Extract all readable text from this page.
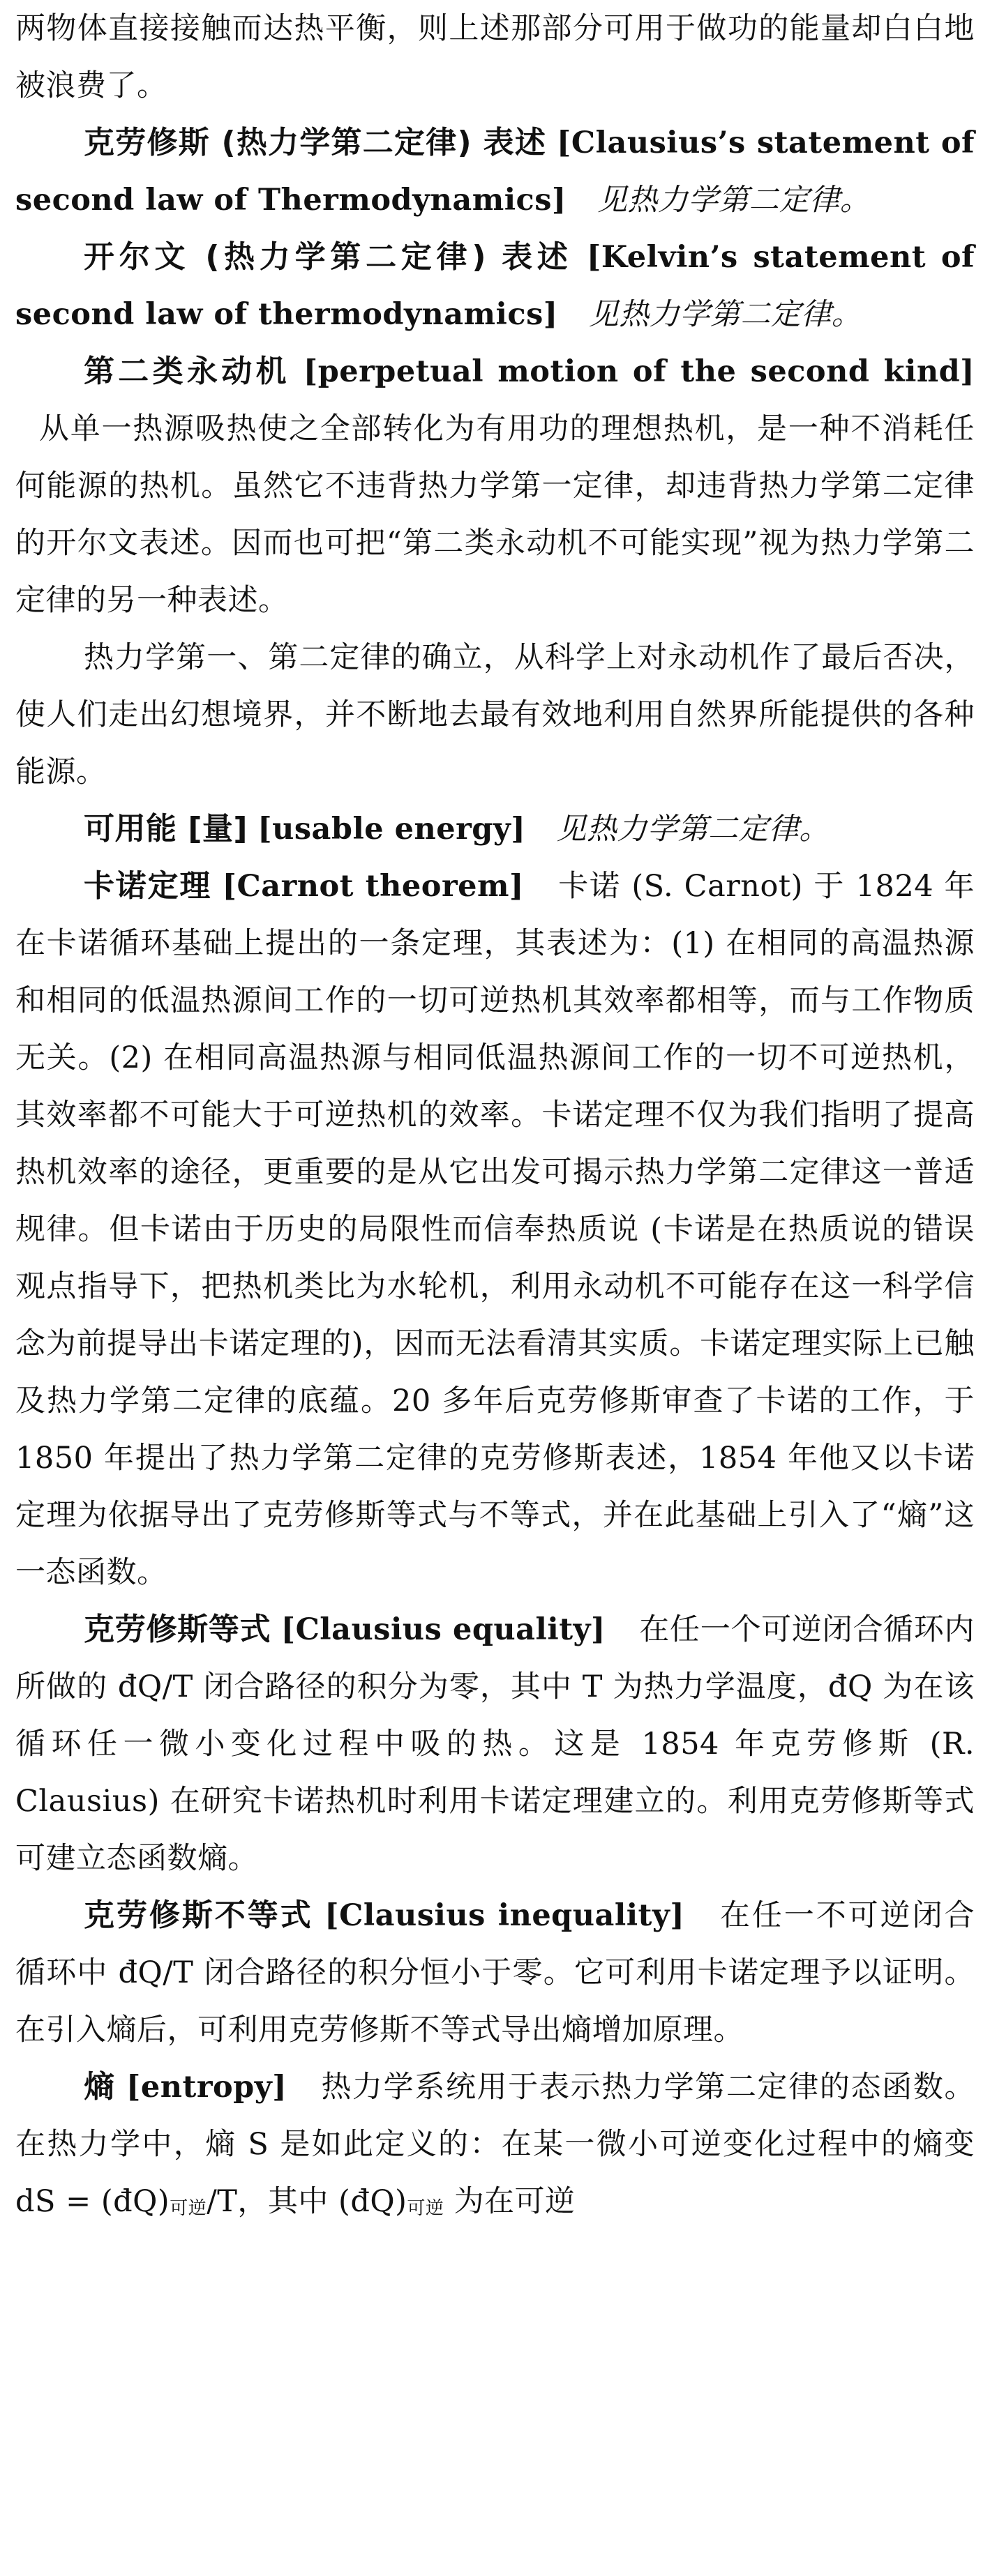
两物体直接接触而达热平衡，则上述那部分可用于做功的能量却白白地被浪费了。

克劳修斯 (热力学第二定律) 表述 [Clausius’s statement of second law of Thermodynamics] 见热力学第二定律。

开尔文 (热力学第二定律) 表述 [Kelvin’s statement of second law of thermodynamics] 见热力学第二定律。

第二类永动机 [perpetual motion of the second kind] 从单一热源吸热使之全部转化为有用功的理想热机，是一种不消耗任何能源的热机。虽然它不违背热力学第一定律，却违背热力学第二定律的开尔文表述。因而也可把“第二类永动机不可能实现”视为热力学第二定律的另一种表述。

热力学第一、第二定律的确立，从科学上对永动机作了最后否决，使人们走出幻想境界，并不断地去最有效地利用自然界所能提供的各种能源。

可用能 [量] [usable energy] 见热力学第二定律。

卡诺定理 [Carnot theorem] 卡诺 (S. Carnot) 于 1824 年在卡诺循环基础上提出的一条定理，其表述为：(1) 在相同的高温热源和相同的低温热源间工作的一切可逆热机其效率都相等，而与工作物质无关。(2) 在相同高温热源与相同低温热源间工作的一切不可逆热机，其效率都不可能大于可逆热机的效率。卡诺定理不仅为我们指明了提高热机效率的途径，更重要的是从它出发可揭示热力学第二定律这一普适规律。但卡诺由于历史的局限性而信奉热质说 (卡诺是在热质说的错误观点指导下，把热机类比为水轮机，利用永动机不可能存在这一科学信念为前提导出卡诺定理的)，因而无法看清其实质。卡诺定理实际上已触及热力学第二定律的底蕴。20 多年后克劳修斯审查了卡诺的工作，于 1850 年提出了热力学第二定律的克劳修斯表述，1854 年他又以卡诺定理为依据导出了克劳修斯等式与不等式，并在此基础上引入了“熵”这一态函数。

克劳修斯等式 [Clausius equality] 在任一个可逆闭合循环内所做的 đQ/T 闭合路径的积分为零，其中 T 为热力学温度，đQ 为在该循环任一微小变化过程中吸的热。这是 1854 年克劳修斯 (R. Clausius) 在研究卡诺热机时利用卡诺定理建立的。利用克劳修斯等式可建立态函数熵。

克劳修斯不等式 [Clausius inequality] 在任一不可逆闭合循环中 đQ/T 闭合路径的积分恒小于零。它可利用卡诺定理予以证明。在引入熵后，可利用克劳修斯不等式导出熵增加原理。

熵 [entropy] 热力学系统用于表示热力学第二定律的态函数。在热力学中，熵 S 是如此定义的：在某一微小可逆变化过程中的熵变 dS = (đQ)可逆/T，其中 (đQ)可逆 为在可逆
